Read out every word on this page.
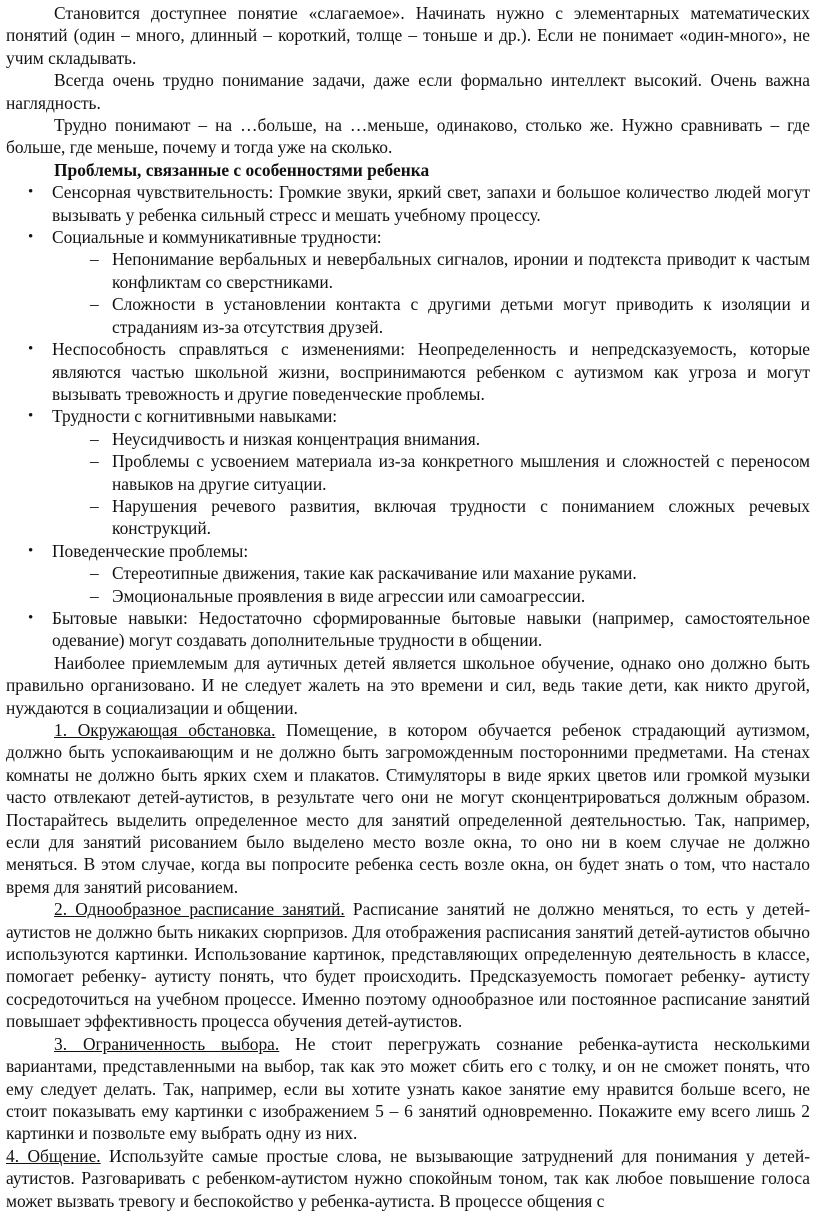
Становится доступнее понятие «слагаемое». Начинать нужно с элементарных математических понятий (один – много, длинный – короткий, толще – тоньше и др.). Если не понимает «один-много», не учим складывать.

Всегда очень трудно понимание задачи, даже если формально интеллект высокий. Очень важна наглядность.

Трудно понимают – на …больше, на …меньше, одинаково, столько же. Нужно сравнивать – где больше, где меньше, почему и тогда уже на сколько.

Проблемы, связанные с особенностями ребенка

• Сенсорная чувствительность: Громкие звуки, яркий свет, запахи и большое количество людей могут вызывать у ребенка сильный стресс и мешать учебному процессу.
• Социальные и коммуникативные трудности:
– Непонимание вербальных и невербальных сигналов, иронии и подтекста приводит к частым конфликтам со сверстниками.
– Сложности в установлении контакта с другими детьми могут приводить к изоляции и страданиям из-за отсутствия друзей.
• Неспособность справляться с изменениями: Неопределенность и непредсказуемость, которые являются частью школьной жизни, воспринимаются ребенком с аутизмом как угроза и могут вызывать тревожность и другие поведенческие проблемы.
• Трудности с когнитивными навыками:
– Неусидчивость и низкая концентрация внимания.
– Проблемы с усвоением материала из-за конкретного мышления и сложностей с переносом навыков на другие ситуации.
– Нарушения речевого развития, включая трудности с пониманием сложных речевых конструкций.
• Поведенческие проблемы:
– Стереотипные движения, такие как раскачивание или махание руками.
– Эмоциональные проявления в виде агрессии или самоагрессии.
• Бытовые навыки: Недостаточно сформированные бытовые навыки (например, самостоятельное одевание) могут создавать дополнительные трудности в общении.

Наиболее приемлемым для аутичных детей является школьное обучение, однако оно должно быть правильно организовано. И не следует жалеть на это времени и сил, ведь такие дети, как никто другой, нуждаются в социализации и общении.

1. Окружающая обстановка. Помещение, в котором обучается ребенок страдающий аутизмом, должно быть успокаивающим и не должно быть загроможденным посторонними предметами. На стенах комнаты не должно быть ярких схем и плакатов. Стимуляторы в виде ярких цветов или громкой музыки часто отвлекают детей-аутистов, в результате чего они не могут сконцентрироваться должным образом. Постарайтесь выделить определенное место для занятий определенной деятельностью. Так, например, если для занятий рисованием было выделено место возле окна, то оно ни в коем случае не должно меняться. В этом случае, когда вы попросите ребенка сесть возле окна, он будет знать о том, что настало время для занятий рисованием.

2. Однообразное расписание занятий. Расписание занятий не должно меняться, то есть у детей-аутистов не должно быть никаких сюрпризов. Для отображения расписания занятий детей-аутистов обычно используются картинки. Использование картинок, представляющих определенную деятельность в классе, помогает ребенку- аутисту понять, что будет происходить. Предсказуемость помогает ребенку- аутисту сосредоточиться на учебном процессе. Именно поэтому однообразное или постоянное расписание занятий повышает эффективность процесса обучения детей-аутистов.

3. Ограниченность выбора. Не стоит перегружать сознание ребенка-аутиста несколькими вариантами, представленными на выбор, так как это может сбить его с толку, и он не сможет понять, что ему следует делать. Так, например, если вы хотите узнать какое занятие ему нравится больше всего, не стоит показывать ему картинки с изображением 5 – 6 занятий одновременно. Покажите ему всего лишь 2 картинки и позвольте ему выбрать одну из них.

4. Общение. Используйте самые простые слова, не вызывающие затруднений для понимания у детей-аутистов. Разговаривать с ребенком-аутистом нужно спокойным тоном, так как любое повышение голоса может вызвать тревогу и беспокойство у ребенка-аутиста. В процессе общения с
